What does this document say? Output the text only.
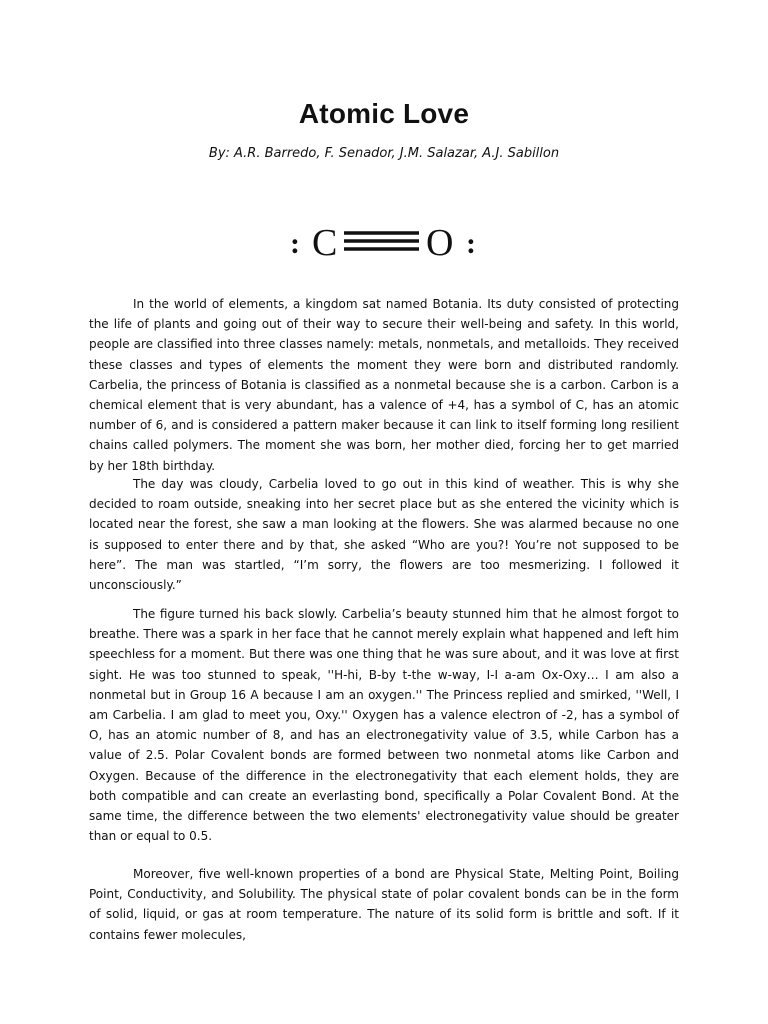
Atomic Love
By: A.R. Barredo, F. Senador, J.M. Salazar, A.J. Sabillon
: C O :

In the world of elements, a kingdom sat named Botania. Its duty consisted of protecting the life of plants and going out of their way to secure their well-being and safety. In this world, people are classified into three classes namely: metals, nonmetals, and metalloids. They received these classes and types of elements the moment they were born and distributed randomly. Carbelia, the princess of Botania is classified as a nonmetal because she is a carbon. Carbon is a chemical element that is very abundant, has a valence of +4, has a symbol of C, has an atomic number of 6, and is considered a pattern maker because it can link to itself forming long resilient chains called polymers. The moment she was born, her mother died, forcing her to get married by her 18th birthday.

The day was cloudy, Carbelia loved to go out in this kind of weather. This is why she decided to roam outside, sneaking into her secret place but as she entered the vicinity which is located near the forest, she saw a man looking at the flowers. She was alarmed because no one is supposed to enter there and by that, she asked “Who are you?! You’re not supposed to be here”. The man was startled, “I’m sorry, the flowers are too mesmerizing. I followed it unconsciously.”

The figure turned his back slowly. Carbelia’s beauty stunned him that he almost forgot to breathe. There was a spark in her face that he cannot merely explain what happened and left him speechless for a moment. But there was one thing that he was sure about, and it was love at first sight. He was too stunned to speak, ''H-hi, B-by t-the w-way, I-I a-am Ox-Oxy… I am also a nonmetal but in Group 16 A because I am an oxygen.'' The Princess replied and smirked, ''Well, I am Carbelia. I am glad to meet you, Oxy.'' Oxygen has a valence electron of -2, has a symbol of O, has an atomic number of 8, and has an electronegativity value of 3.5, while Carbon has a value of 2.5. Polar Covalent bonds are formed between two nonmetal atoms like Carbon and Oxygen. Because of the difference in the electronegativity that each element holds, they are both compatible and can create an everlasting bond, specifically a Polar Covalent Bond. At the same time, the difference between the two elements' electronegativity value should be greater than or equal to 0.5.

Moreover, five well-known properties of a bond are Physical State, Melting Point, Boiling Point, Conductivity, and Solubility. The physical state of polar covalent bonds can be in the form of solid, liquid, or gas at room temperature. The nature of its solid form is brittle and soft. If it contains fewer molecules,
